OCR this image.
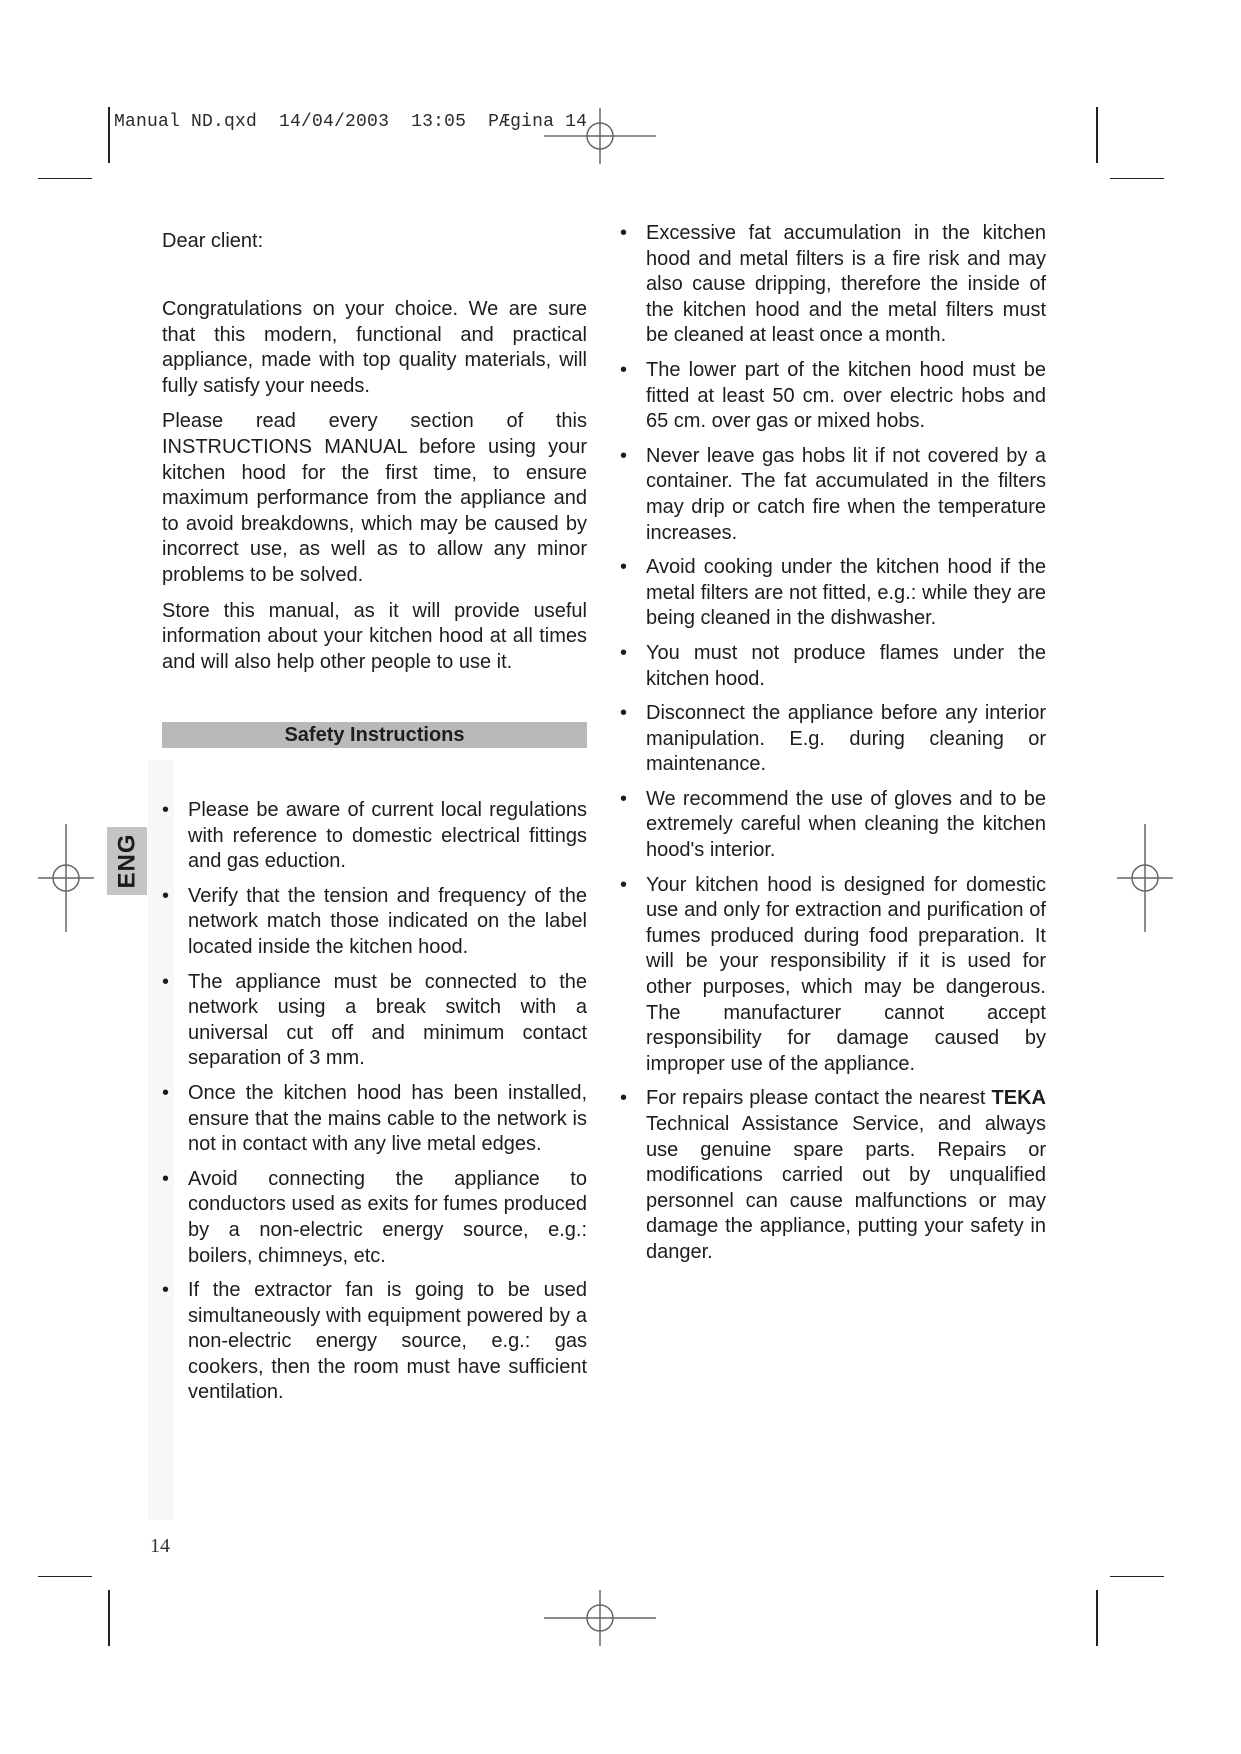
Manual ND.qxd 14/04/2003 13:05 PÆgina 14
ENG
Dear client:

Congratulations on your choice. We are sure that this modern, functional and practical appliance, made with top quality materials, will fully satisfy your needs.

Please read every section of this INSTRUCTIONS MANUAL before using your kitchen hood for the first time, to ensure maximum performance from the appliance and to avoid breakdowns, which may be caused by incorrect use, as well as to allow any minor problems to be solved.

Store this manual, as it will provide useful information about your kitchen hood at all times and will also help other people to use it.

Safety Instructions
• Please be aware of current local regulations with reference to domestic electrical fittings and gas eduction.
• Verify that the tension and frequency of the network match those indicated on the label located inside the kitchen hood.
• The appliance must be connected to the network using a break switch with a universal cut off and minimum contact separation of 3 mm.
• Once the kitchen hood has been installed, ensure that the mains cable to the network is not in contact with any live metal edges.
• Avoid connecting the appliance to conductors used as exits for fumes produced by a non-electric energy source, e.g.: boilers, chimneys, etc.
• If the extractor fan is going to be used simultaneously with equipment powered by a non-electric energy source, e.g.: gas cookers, then the room must have sufficient ventilation.
• Excessive fat accumulation in the kitchen hood and metal filters is a fire risk and may also cause dripping, therefore the inside of the kitchen hood and the metal filters must be cleaned at least once a month.
• The lower part of the kitchen hood must be fitted at least 50 cm. over electric hobs and 65 cm. over gas or mixed hobs.
• Never leave gas hobs lit if not covered by a container. The fat accumulated in the filters may drip or catch fire when the temperature increases.
• Avoid cooking under the kitchen hood if the metal filters are not fitted, e.g.: while they are being cleaned in the dishwasher.
• You must not produce flames under the kitchen hood.
• Disconnect the appliance before any interior manipulation. E.g. during cleaning or maintenance.
• We recommend the use of gloves and to be extremely careful when cleaning the kitchen hood's interior.
• Your kitchen hood is designed for domestic use and only for extraction and purification of fumes produced during food preparation. It will be your responsibility if it is used for other purposes, which may be dangerous. The manufacturer cannot accept responsibility for damage caused by improper use of the appliance.
• For repairs please contact the nearest TEKA Technical Assistance Service, and always use genuine spare parts. Repairs or modifications carried out by unqualified personnel can cause malfunctions or may damage the appliance, putting your safety in danger.
14
